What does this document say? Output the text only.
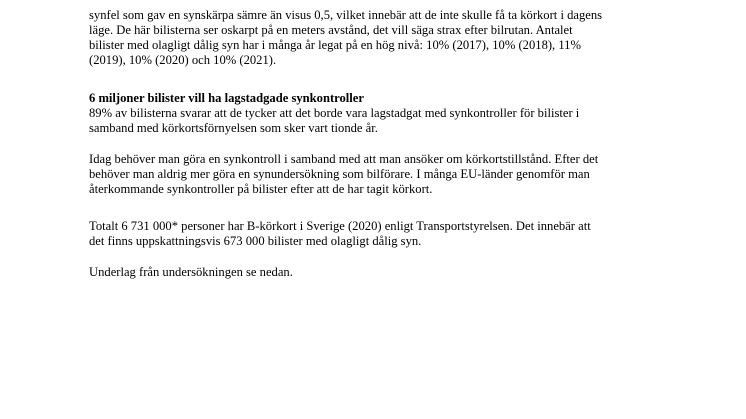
synfel som gav en synskärpa sämre än visus 0,5, vilket innebär att de inte skulle få ta körkort i dagens
läge. De här bilisterna ser oskarpt på en meters avstånd, det vill säga strax efter bilrutan. Antalet
bilister med olagligt dålig syn har i många år legat på en hög nivå: 10% (2017), 10% (2018), 11%
(2019), 10% (2020) och 10% (2021).

6 miljoner bilister vill ha lagstadgade synkontroller

89% av bilisterna svarar att de tycker att det borde vara lagstadgat med synkontroller för bilister i
samband med körkortsförnyelsen som sker vart tionde år.

Idag behöver man göra en synkontroll i samband med att man ansöker om körkortstillstånd. Efter det
behöver man aldrig mer göra en synundersökning som bilförare. I många EU-länder genomför man
återkommande synkontroller på bilister efter att de har tagit körkort.

Totalt 6 731 000* personer har B-körkort i Sverige (2020) enligt Transportstyrelsen. Det innebär att
det finns uppskattningsvis 673 000 bilister med olagligt dålig syn.

Underlag från undersökningen se nedan.
